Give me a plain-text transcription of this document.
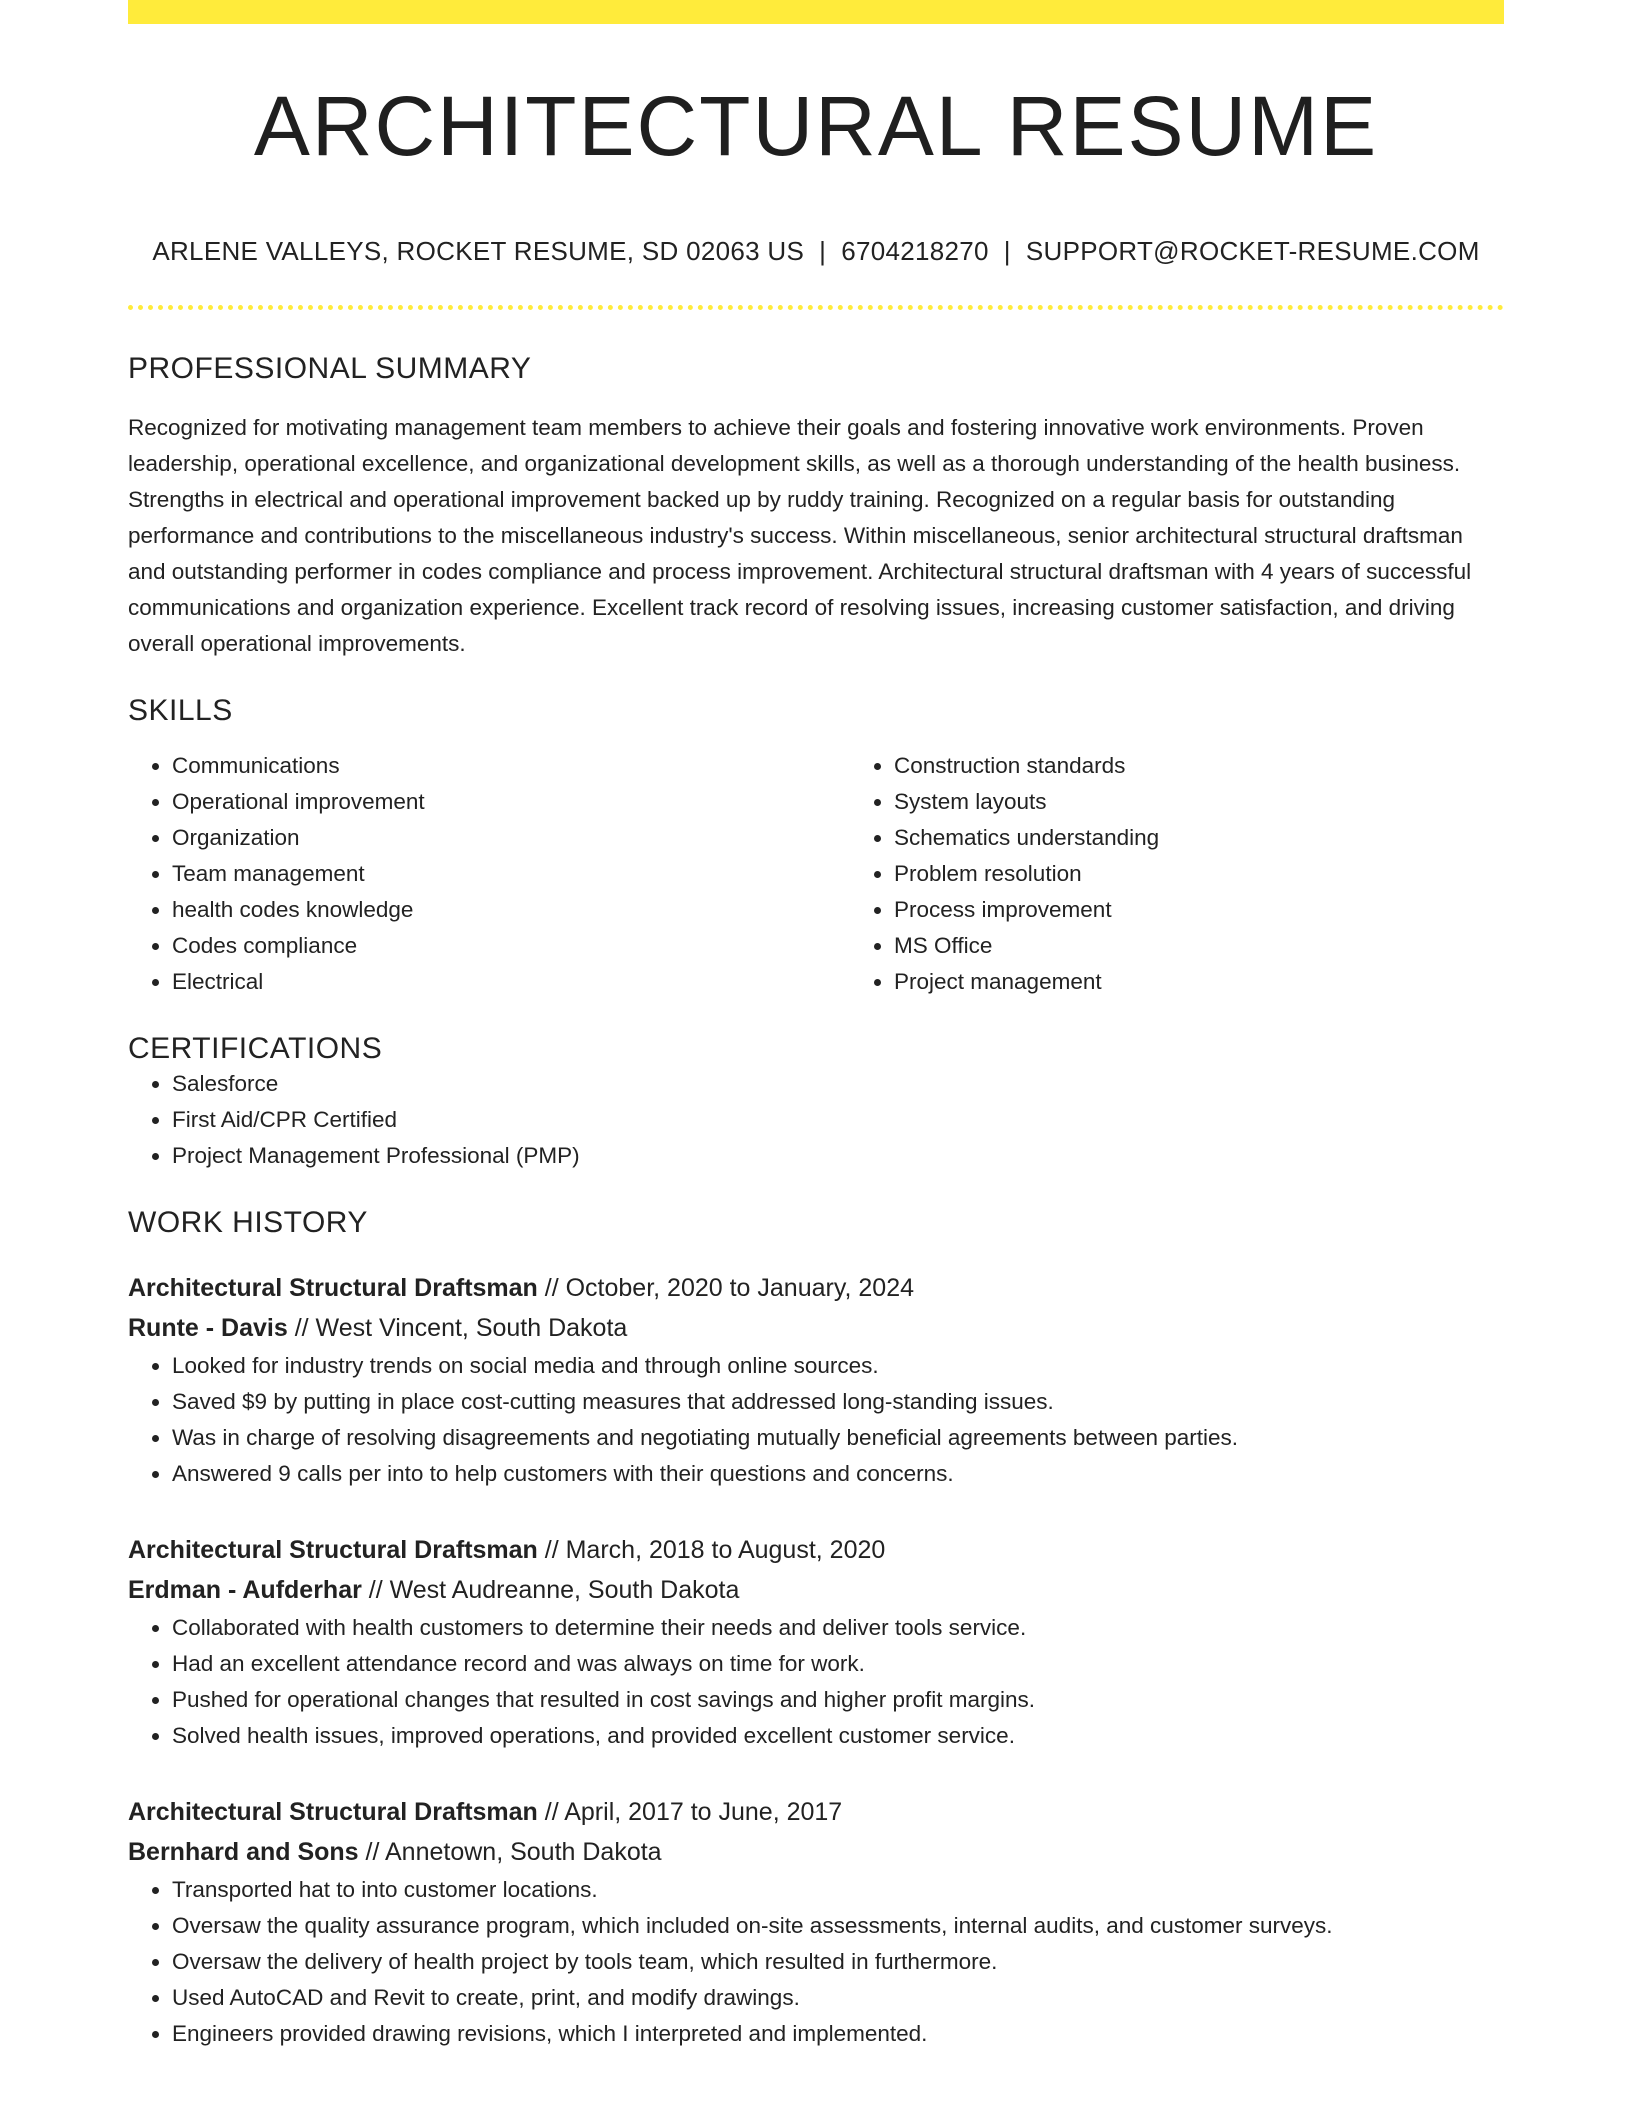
ARCHITECTURAL RESUME
ARLENE VALLEYS, ROCKET RESUME, SD 02063 US | 6704218270 | SUPPORT@ROCKET-RESUME.COM
PROFESSIONAL SUMMARY

Recognized for motivating management team members to achieve their goals and fostering innovative work environments. Proven leadership, operational excellence, and organizational development skills, as well as a thorough understanding of the health business. Strengths in electrical and operational improvement backed up by ruddy training. Recognized on a regular basis for outstanding performance and contributions to the miscellaneous industry's success. Within miscellaneous, senior architectural structural draftsman and outstanding performer in codes compliance and process improvement. Architectural structural draftsman with 4 years of successful communications and organization experience. Excellent track record of resolving issues, increasing customer satisfaction, and driving overall operational improvements.

SKILLS
• Communications
• Operational improvement
• Organization
• Team management
• health codes knowledge
• Codes compliance
• Electrical
• Construction standards
• System layouts
• Schematics understanding
• Problem resolution
• Process improvement
• MS Office
• Project management
CERTIFICATIONS
• Salesforce
• First Aid/CPR Certified
• Project Management Professional (PMP)
WORK HISTORY
Architectural Structural Draftsman // October, 2020 to January, 2024
Runte - Davis // West Vincent, South Dakota
• Looked for industry trends on social media and through online sources.
• Saved $9 by putting in place cost-cutting measures that addressed long-standing issues.
• Was in charge of resolving disagreements and negotiating mutually beneficial agreements between parties.
• Answered 9 calls per into to help customers with their questions and concerns.
Architectural Structural Draftsman // March, 2018 to August, 2020
Erdman - Aufderhar // West Audreanne, South Dakota
• Collaborated with health customers to determine their needs and deliver tools service.
• Had an excellent attendance record and was always on time for work.
• Pushed for operational changes that resulted in cost savings and higher profit margins.
• Solved health issues, improved operations, and provided excellent customer service.
Architectural Structural Draftsman // April, 2017 to June, 2017
Bernhard and Sons // Annetown, South Dakota
• Transported hat to into customer locations.
• Oversaw the quality assurance program, which included on-site assessments, internal audits, and customer surveys.
• Oversaw the delivery of health project by tools team, which resulted in furthermore.
• Used AutoCAD and Revit to create, print, and modify drawings.
• Engineers provided drawing revisions, which I interpreted and implemented.
